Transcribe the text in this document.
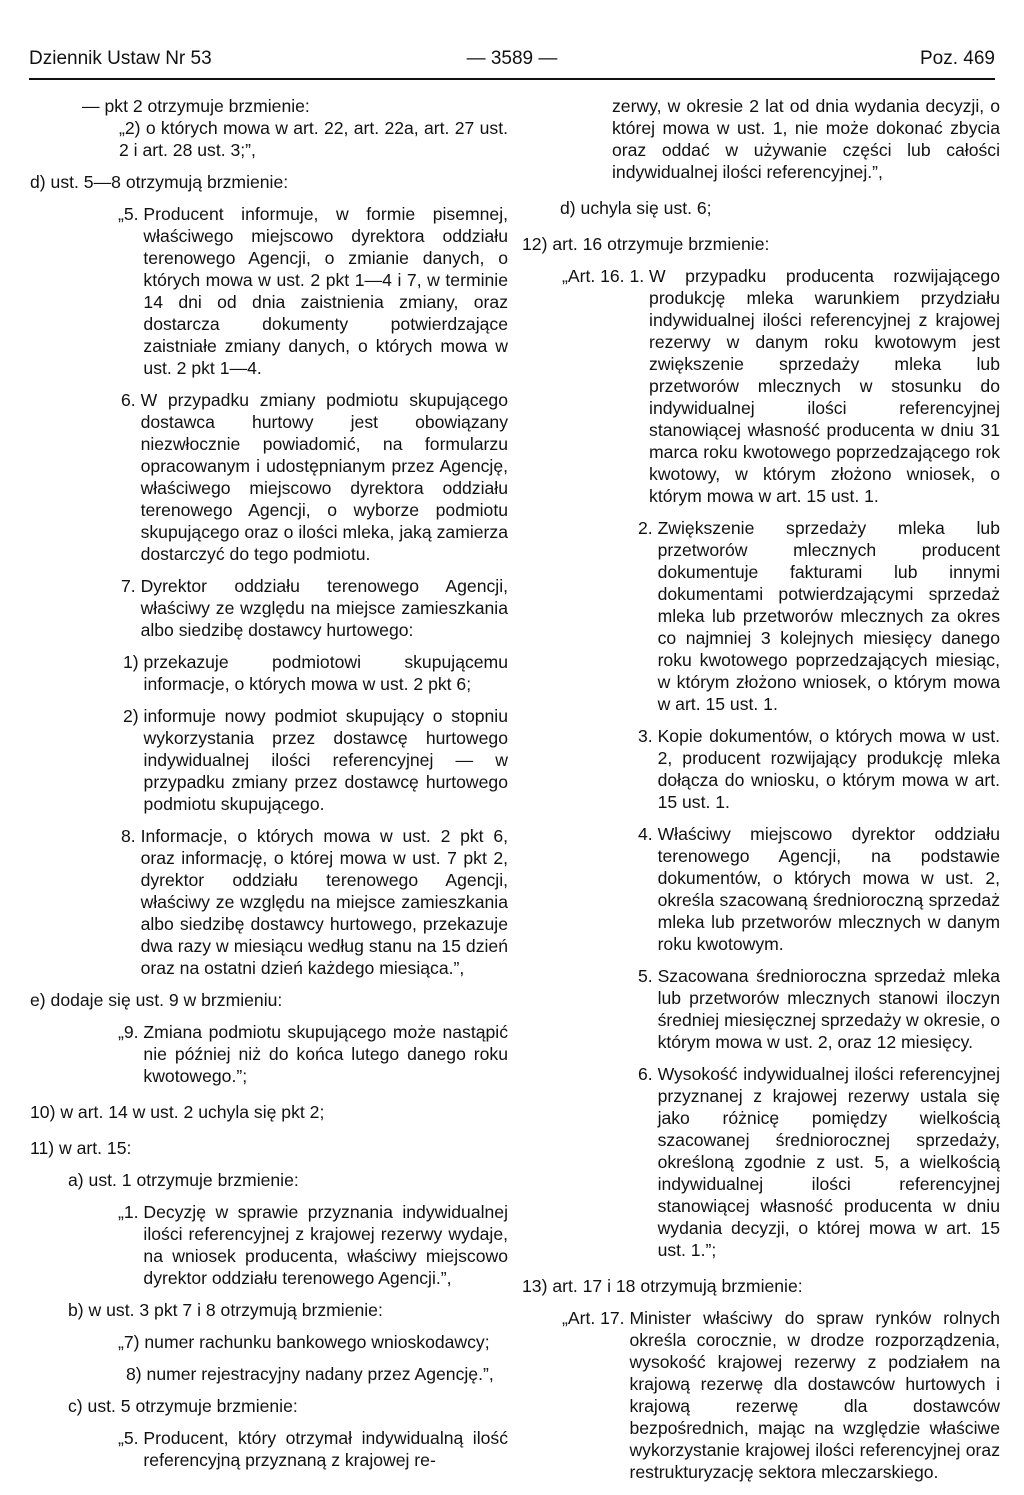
Dziennik Ustaw Nr 53	— 3589 —	Poz. 469

— pkt 2 otrzymuje brzmienie:

„2) o których mowa w art. 22, art. 22a, art. 27 ust. 2 i art. 28 ust. 3;”,

d) ust. 5—8 otrzymują brzmienie:

„5. Producent informuje, w formie pisemnej, właściwego miejscowo dyrektora oddziału terenowego Agencji, o zmianie danych, o których mowa w ust. 2 pkt 1—4 i 7, w terminie 14 dni od dnia zaistnienia zmiany, oraz dostarcza dokumenty potwierdzające zaistniałe zmiany danych, o których mowa w ust. 2 pkt 1—4.
6. W przypadku zmiany podmiotu skupującego dostawca hurtowy jest obowiązany niezwłocznie powiadomić, na formularzu opracowanym i udostępnianym przez Agencję, właściwego miejscowo dyrektora oddziału terenowego Agencji, o wyborze podmiotu skupującego oraz o ilości mleka, jaką zamierza dostarczyć do tego podmiotu.
7. Dyrektor oddziału terenowego Agencji, właściwy ze względu na miejsce zamieszkania albo siedzibę dostawcy hurtowego:
1) przekazuje podmiotowi skupującemu informacje, o których mowa w ust. 2 pkt 6;
2) informuje nowy podmiot skupujący o stopniu wykorzystania przez dostawcę hurtowego indywidualnej ilości referencyjnej — w przypadku zmiany przez dostawcę hurtowego podmiotu skupującego.
8. Informacje, o których mowa w ust. 2 pkt 6, oraz informację, o której mowa w ust. 7 pkt 2, dyrektor oddziału terenowego Agencji, właściwy ze względu na miejsce zamieszkania albo siedzibę dostawcy hurtowego, przekazuje dwa razy w miesiącu według stanu na 15 dzień oraz na ostatni dzień każdego miesiąca.”,

e) dodaje się ust. 9 w brzmieniu:

„9. Zmiana podmiotu skupującego może nastąpić nie później niż do końca lutego danego roku kwotowego.”;

10) w art. 14 w ust. 2 uchyla się pkt 2;

11) w art. 15:

a) ust. 1 otrzymuje brzmienie:

„1. Decyzję w sprawie przyznania indywidualnej ilości referencyjnej z krajowej rezerwy wydaje, na wniosek producenta, właściwy miejscowo dyrektor oddziału terenowego Agencji.”,

b) w ust. 3 pkt 7 i 8 otrzymują brzmienie:

„7) numer rachunku bankowego wnioskodawcy;
8) numer rejestracyjny nadany przez Agencję.”,

c) ust. 5 otrzymuje brzmienie:

„5. Producent, który otrzymał indywidualną ilość referencyjną przyznaną z krajowej re-

zerwy, w okresie 2 lat od dnia wydania decyzji, o której mowa w ust. 1, nie może dokonać zbycia oraz oddać w używanie części lub całości indywidualnej ilości referencyjnej.”,

d) uchyla się ust. 6;

12) art. 16 otrzymuje brzmienie:

„Art. 16. 1. W przypadku producenta rozwijającego produkcję mleka warunkiem przydziału indywidualnej ilości referencyjnej z krajowej rezerwy w danym roku kwotowym jest zwiększenie sprzedaży mleka lub przetworów mlecznych w stosunku do indywidualnej ilości referencyjnej stanowiącej własność producenta w dniu 31 marca roku kwotowego poprzedzającego rok kwotowy, w którym złożono wniosek, o którym mowa w art. 15 ust. 1.
2. Zwiększenie sprzedaży mleka lub przetworów mlecznych producent dokumentuje fakturami lub innymi dokumentami potwierdzającymi sprzedaż mleka lub przetworów mlecznych za okres co najmniej 3 kolejnych miesięcy danego roku kwotowego poprzedzających miesiąc, w którym złożono wniosek, o którym mowa w art. 15 ust. 1.
3. Kopie dokumentów, o których mowa w ust. 2, producent rozwijający produkcję mleka dołącza do wniosku, o którym mowa w art. 15 ust. 1.
4. Właściwy miejscowo dyrektor oddziału terenowego Agencji, na podstawie dokumentów, o których mowa w ust. 2, określa szacowaną średnioroczną sprzedaż mleka lub przetworów mlecznych w danym roku kwotowym.
5. Szacowana średnioroczna sprzedaż mleka lub przetworów mlecznych stanowi iloczyn średniej miesięcznej sprzedaży w okresie, o którym mowa w ust. 2, oraz 12 miesięcy.
6. Wysokość indywidualnej ilości referencyjnej przyznanej z krajowej rezerwy ustala się jako różnicę pomiędzy wielkością szacowanej średniorocznej sprzedaży, określoną zgodnie z ust. 5, a wielkością indywidualnej ilości referencyjnej stanowiącej własność producenta w dniu wydania decyzji, o której mowa w art. 15 ust. 1.”;

13) art. 17 i 18 otrzymują brzmienie:

„Art. 17. Minister właściwy do spraw rynków rolnych określa corocznie, w drodze rozporządzenia, wysokość krajowej rezerwy z podziałem na krajową rezerwę dla dostawców hurtowych i krajową rezerwę dla dostawców bezpośrednich, mając na względzie właściwe wykorzystanie krajowej ilości referencyjnej oraz restrukturyzację sektora mleczarskiego.
